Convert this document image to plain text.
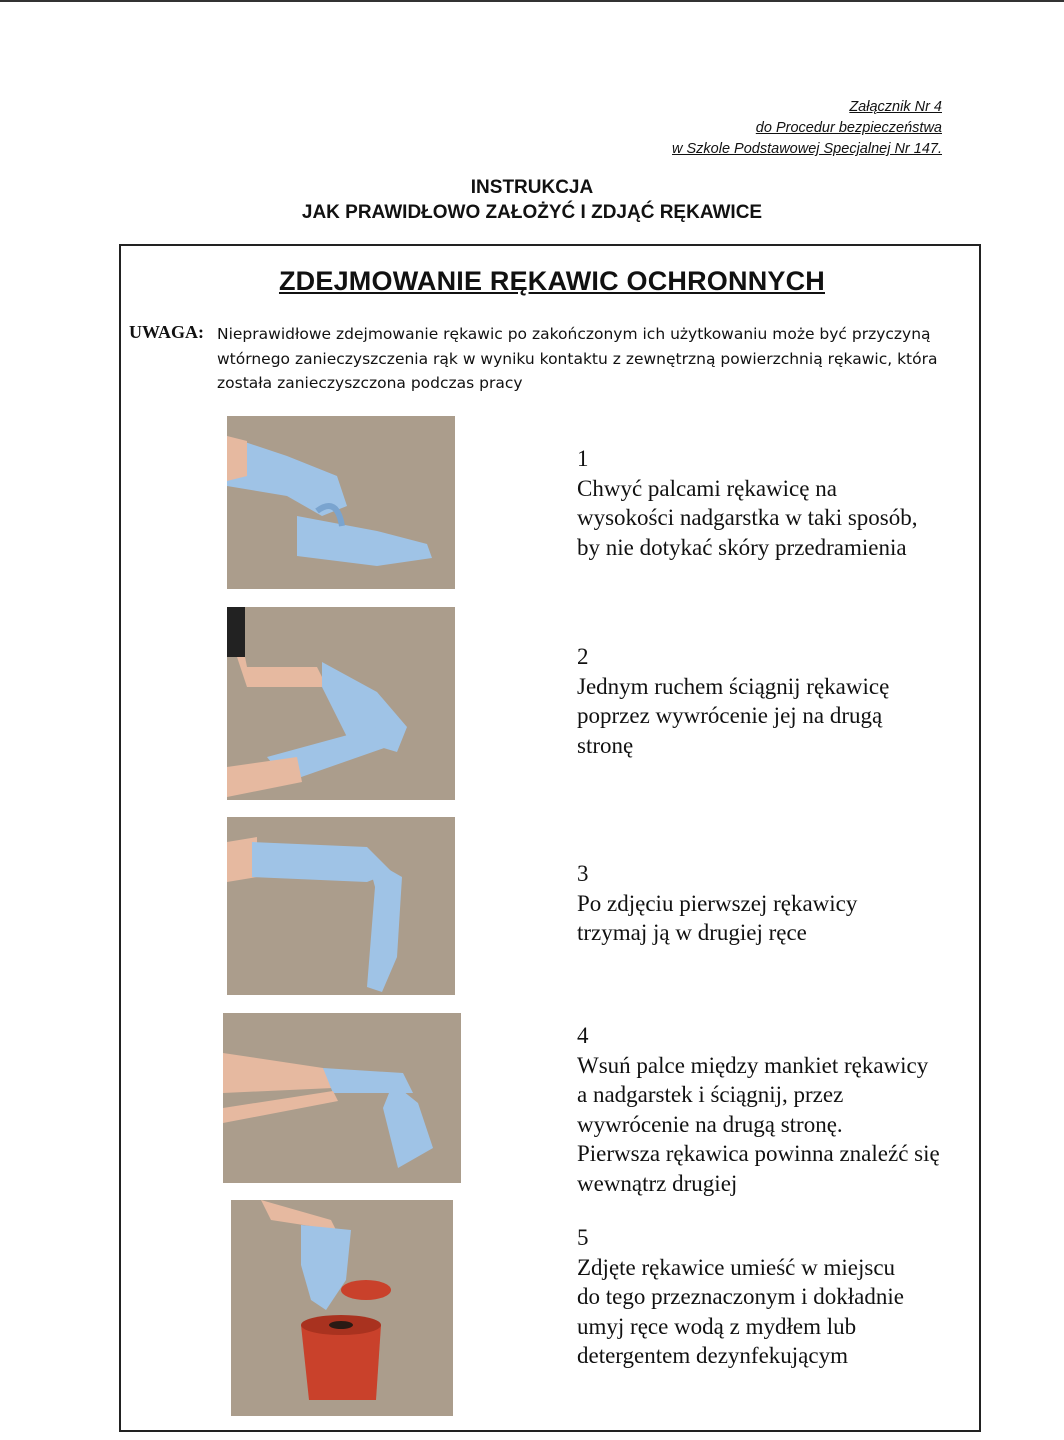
Załącznik Nr 4
do Procedur bezpieczeństwa
w Szkole Podstawowej Specjalnej Nr 147.
INSTRUKCJA
JAK PRAWIDŁOWO ZAŁOŻYĆ I ZDJĄĆ RĘKAWICE
ZDEJMOWANIE RĘKAWIC OCHRONNYCH
UWAGA: Nieprawidłowe zdejmowanie rękawic po zakończonym ich użytkowaniu może być przyczyną wtórnego zanieczyszczenia rąk w wyniku kontaktu z zewnętrzną powierzchnią rękawic, która została zanieczyszczona podczas pracy
1
Chwyć palcami rękawicę na
wysokości nadgarstka w taki sposób,
by nie dotykać skóry przedramienia
2
Jednym ruchem ściągnij rękawicę
poprzez wywrócenie jej na drugą
stronę
3
Po zdjęciu pierwszej rękawicy
trzymaj ją w drugiej ręce
4
Wsuń palce między mankiet rękawicy
a nadgarstek i ściągnij, przez
wywrócenie na drugą stronę.
Pierwsza rękawica powinna znaleźć się
wewnątrz drugiej
5
Zdjęte rękawice umieść w miejscu
do tego przeznaczonym i dokładnie
umyj ręce wodą z mydłem lub
detergentem dezynfekującym
